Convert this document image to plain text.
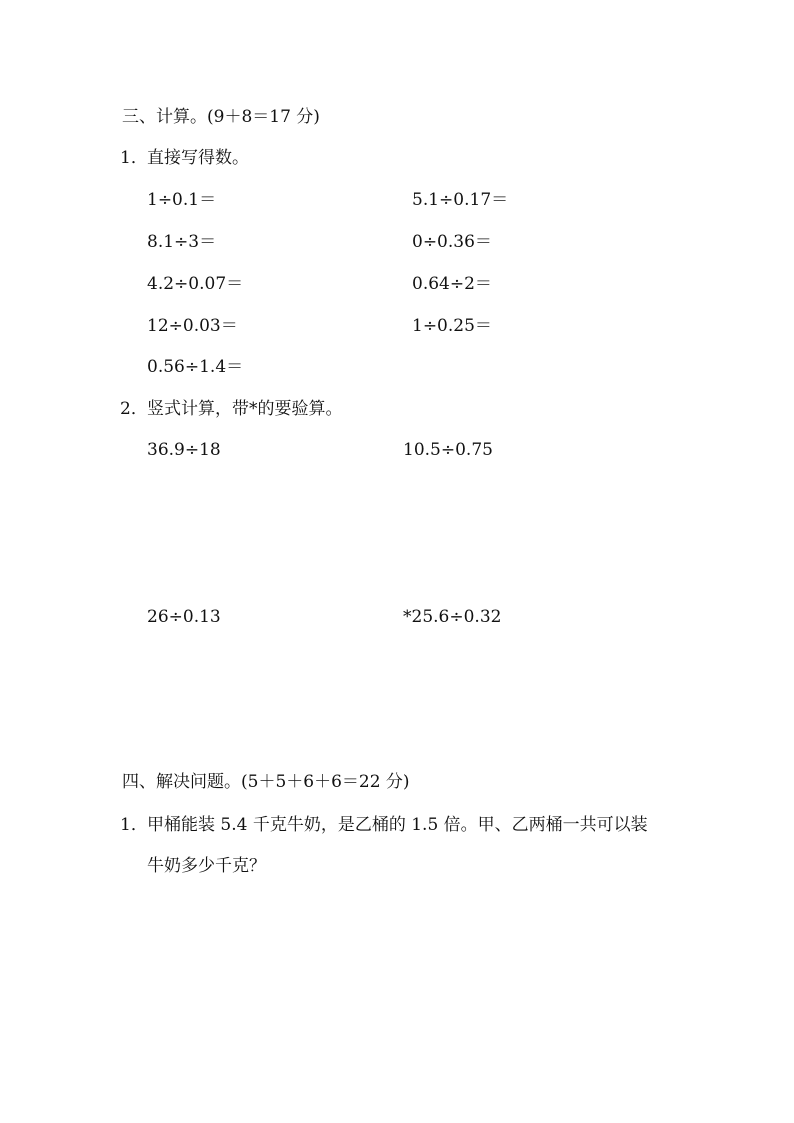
三、计算。(9＋8＝17 分)
1． 直接写得数。
1÷0.1＝	5.1÷0.17＝
8.1÷3＝	0÷0.36＝
4.2÷0.07＝	0.64÷2＝
12÷0.03＝	1÷0.25＝
0.56÷1.4＝
2． 竖式计算，带*的要验算。
36.9÷18	10.5÷0.75
26÷0.13	*25.6÷0.32
四、解决问题。(5＋5＋6＋6＝22 分)
1． 甲桶能装 5.4 千克牛奶，是乙桶的 1.5 倍。甲、乙两桶一共可以装
牛奶多少千克？
